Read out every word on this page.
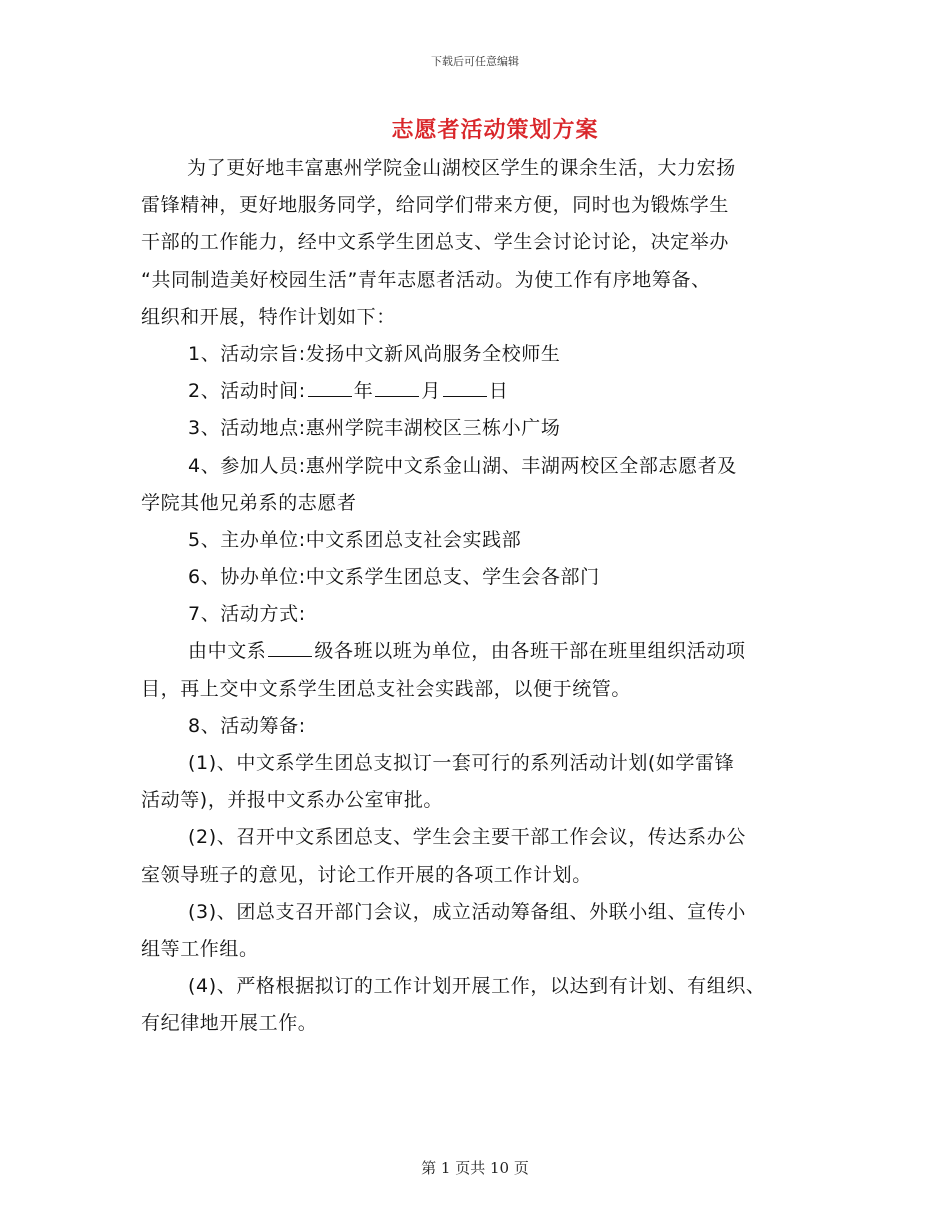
下载后可任意编辑
志愿者活动策划方案
为了更好地丰富惠州学院金山湖校区学生的课余生活，大力宏扬
雷锋精神，更好地服务同学，给同学们带来方便，同时也为锻炼学生
干部的工作能力，经中文系学生团总支、学生会讨论讨论，决定举办
“共同制造美好校园生活”青年志愿者活动。为使工作有序地筹备、
组织和开展，特作计划如下：
1、活动宗旨:发扬中文新风尚服务全校师生
2、活动时间:	年	月	日
3、活动地点:惠州学院丰湖校区三栋小广场
4、参加人员:惠州学院中文系金山湖、丰湖两校区全部志愿者及
学院其他兄弟系的志愿者
5、主办单位:中文系团总支社会实践部
6、协办单位:中文系学生团总支、学生会各部门
7、活动方式:
由中文系	级各班以班为单位，由各班干部在班里组织活动项
目，再上交中文系学生团总支社会实践部，以便于统管。
8、活动筹备:
(1)、中文系学生团总支拟订一套可行的系列活动计划(如学雷锋
活动等)，并报中文系办公室审批。
(2)、召开中文系团总支、学生会主要干部工作会议，传达系办公
室领导班子的意见，讨论工作开展的各项工作计划。
(3)、团总支召开部门会议，成立活动筹备组、外联小组、宣传小
组等工作组。
(4)、严格根据拟订的工作计划开展工作，以达到有计划、有组织、
有纪律地开展工作。
第 1 页共 10 页
